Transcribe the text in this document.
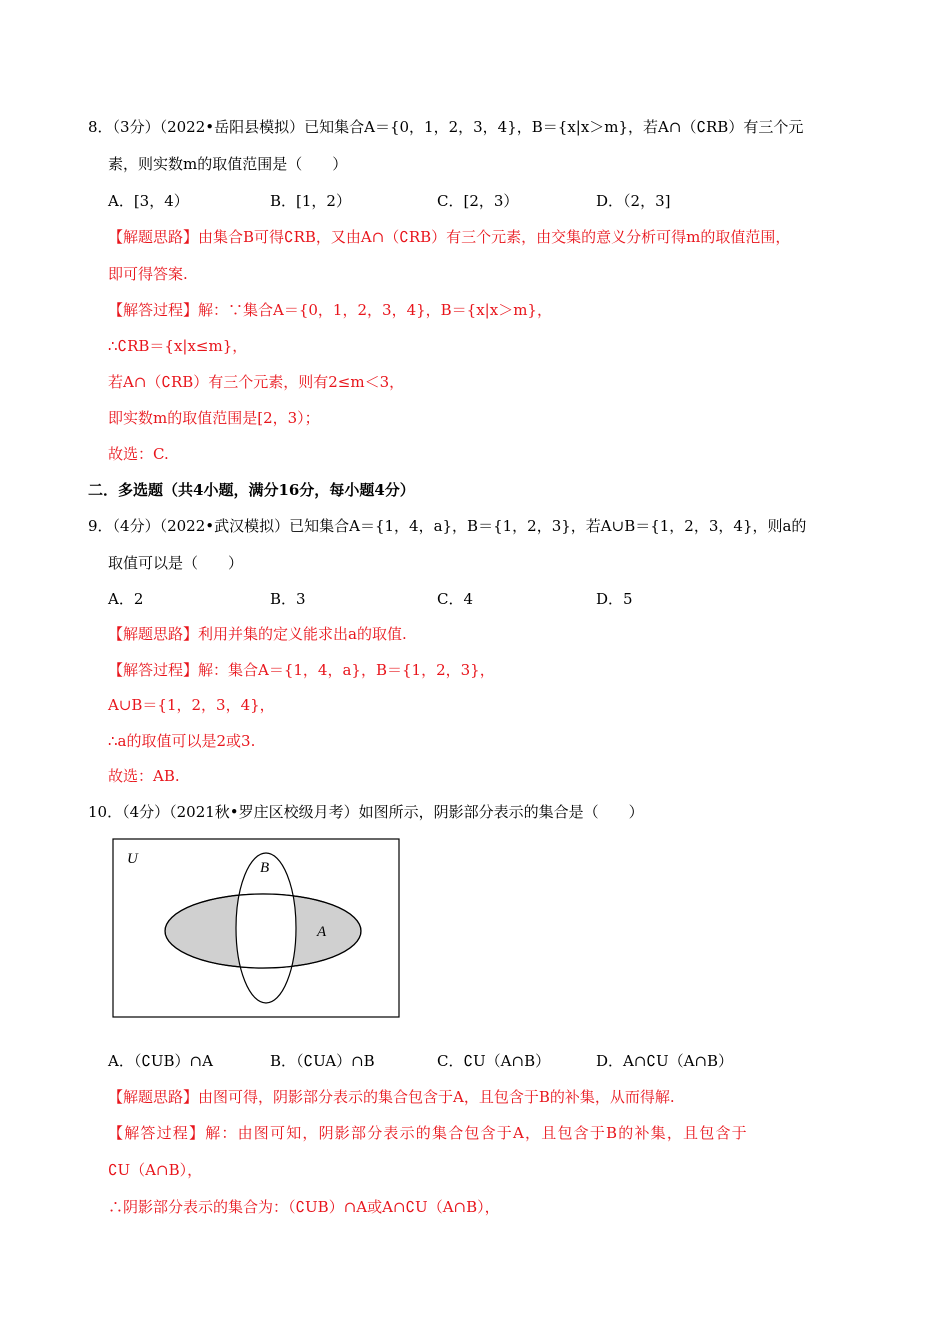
8．（3分）（2022•岳阳县模拟）已知集合A＝{0，1，2，3，4}，B＝{x|x＞m}，若A∩（∁RB）有三个元
素，则实数m的取值范围是（　　）
A．[3，4）	B．[1，2）	C．[2，3）	D．（2，3]
【解题思路】由集合B可得∁RB，又由A∩（∁RB）有三个元素，由交集的意义分析可得m的取值范围，
即可得答案.
【解答过程】解：∵集合A＝{0，1，2，3，4}，B＝{x|x＞m}，
∴∁RB＝{x|x≤m}，
若A∩（∁RB）有三个元素，则有2≤m＜3，
即实数m的取值范围是[2，3）；
故选：C.
二．多选题（共4小题，满分16分，每小题4分）
9．（4分）（2022•武汉模拟）已知集合A＝{1，4，a}，B＝{1，2，3}，若A∪B＝{1，2，3，4}，则a的
取值可以是（　　）
A．2	B．3	C．4	D．5
【解题思路】利用并集的定义能求出a的取值.
【解答过程】解：集合A＝{1，4，a}，B＝{1，2，3}，
A∪B＝{1，2，3，4}，
∴a的取值可以是2或3.
故选：AB.
10．（4分）（2021秋•罗庄区校级月考）如图所示，阴影部分表示的集合是（　　）
U
B
A
A．（∁UB）∩A	B．（∁UA）∩B	C．∁U（A∩B）	D．A∩∁U（A∩B）
【解题思路】由图可得，阴影部分表示的集合包含于A，且包含于B的补集，从而得解.
【解答过程】解：由图可知，阴影部分表示的集合包含于A，且包含于B的补集，且包含于
∁U（A∩B），
∴阴影部分表示的集合为：（∁UB）∩A或A∩∁U（A∩B），
